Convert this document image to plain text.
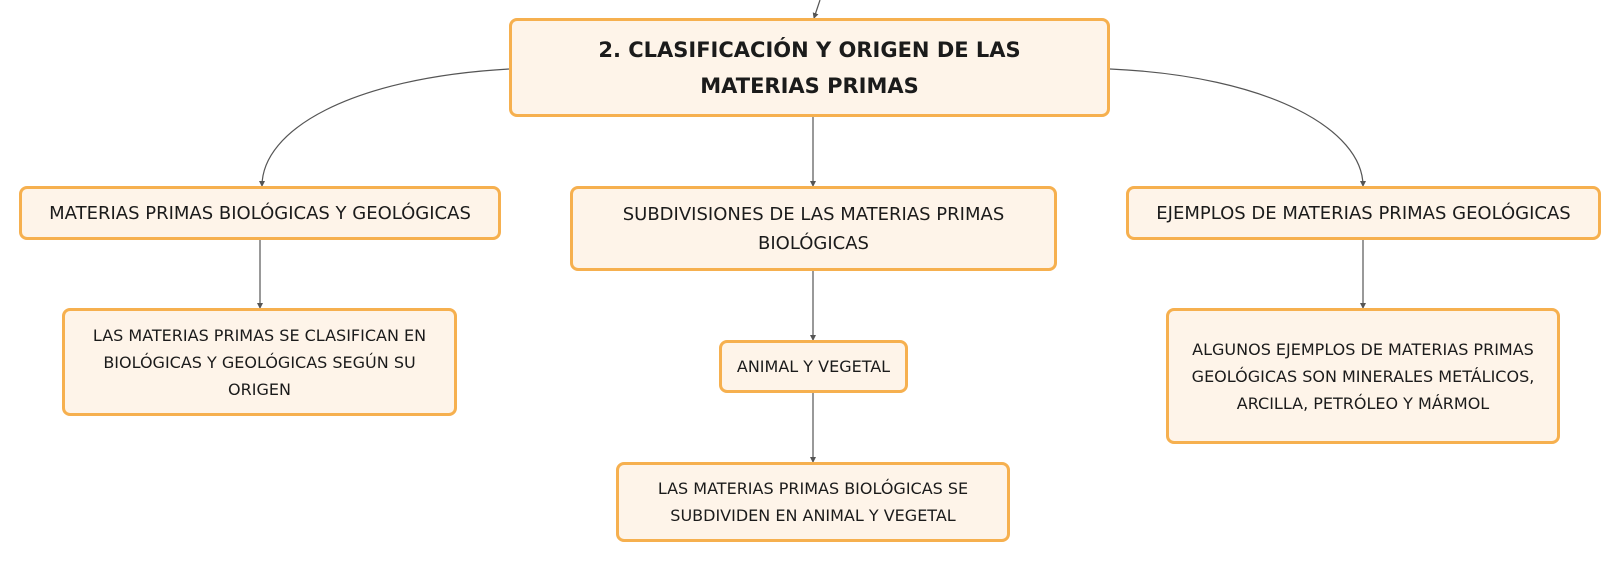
2. CLASIFICACIÓN Y ORIGEN DE LAS MATERIAS PRIMAS
MATERIAS PRIMAS BIOLÓGICAS Y GEOLÓGICAS	SUBDIVISIONES DE LAS MATERIAS PRIMAS BIOLÓGICAS
EJEMPLOS DE MATERIAS PRIMAS GEOLÓGICAS
LAS MATERIAS PRIMAS SE CLASIFICAN EN BIOLÓGICAS Y GEOLÓGICAS SEGÚN SU ORIGEN
ANIMAL Y VEGETAL
LAS MATERIAS PRIMAS BIOLÓGICAS SE SUBDIVIDEN EN ANIMAL Y VEGETAL
ALGUNOS EJEMPLOS DE MATERIAS PRIMAS GEOLÓGICAS SON MINERALES METÁLICOS, ARCILLA, PETRÓLEO Y MÁRMOL
